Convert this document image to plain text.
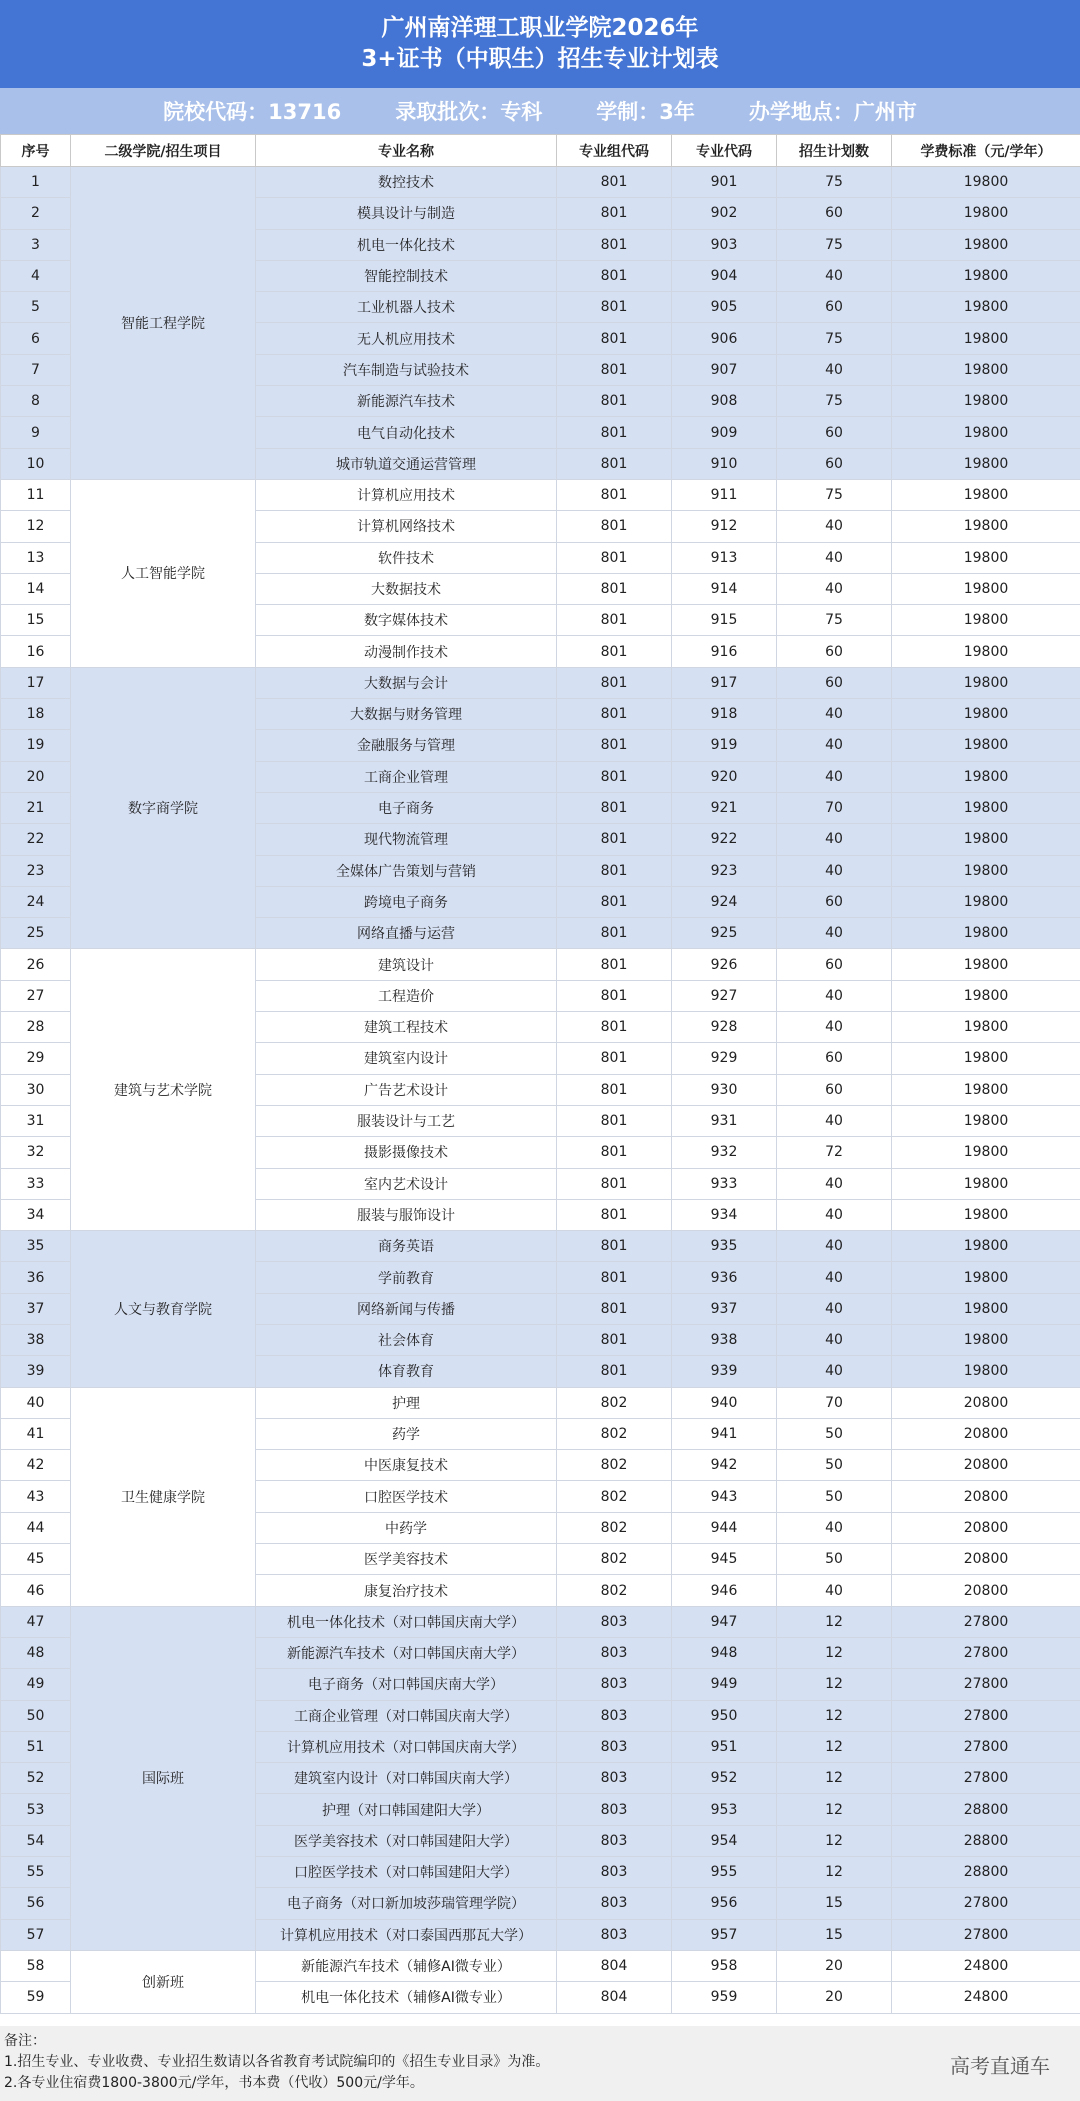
广州南洋理工职业学院2026年
3+证书（中职生）招生专业计划表
院校代码：13716	录取批次：专科	学制：3年	办学地点：广州市
序号	二级学院/招生项目	专业名称	专业组代码	专业代码	招生计划数	学费标准（元/学年）
1	智能工程学院	数控技术	801	901	75	19800
2		模具设计与制造	801	902	60	19800
3		机电一体化技术	801	903	75	19800
4		智能控制技术	801	904	40	19800
5		工业机器人技术	801	905	60	19800
6		无人机应用技术	801	906	75	19800
7		汽车制造与试验技术	801	907	40	19800
8		新能源汽车技术	801	908	75	19800
9		电气自动化技术	801	909	60	19800
10		城市轨道交通运营管理	801	910	60	19800
11	人工智能学院	计算机应用技术	801	911	75	19800
12		计算机网络技术	801	912	40	19800
13		软件技术	801	913	40	19800
14		大数据技术	801	914	40	19800
15		数字媒体技术	801	915	75	19800
16		动漫制作技术	801	916	60	19800
17	数字商学院	大数据与会计	801	917	60	19800
18		大数据与财务管理	801	918	40	19800
19		金融服务与管理	801	919	40	19800
20		工商企业管理	801	920	40	19800
21		电子商务	801	921	70	19800
22		现代物流管理	801	922	40	19800
23		全媒体广告策划与营销	801	923	40	19800
24		跨境电子商务	801	924	60	19800
25		网络直播与运营	801	925	40	19800
26	建筑与艺术学院	建筑设计	801	926	60	19800
27		工程造价	801	927	40	19800
28		建筑工程技术	801	928	40	19800
29		建筑室内设计	801	929	60	19800
30		广告艺术设计	801	930	60	19800
31		服装设计与工艺	801	931	40	19800
32		摄影摄像技术	801	932	72	19800
33		室内艺术设计	801	933	40	19800
34		服装与服饰设计	801	934	40	19800
35	人文与教育学院	商务英语	801	935	40	19800
36		学前教育	801	936	40	19800
37		网络新闻与传播	801	937	40	19800
38		社会体育	801	938	40	19800
39		体育教育	801	939	40	19800
40	卫生健康学院	护理	802	940	70	20800
41		药学	802	941	50	20800
42		中医康复技术	802	942	50	20800
43		口腔医学技术	802	943	50	20800
44		中药学	802	944	40	20800
45		医学美容技术	802	945	50	20800
46		康复治疗技术	802	946	40	20800
47	国际班	机电一体化技术（对口韩国庆南大学）	803	947	12	27800
48		新能源汽车技术（对口韩国庆南大学）	803	948	12	27800
49		电子商务（对口韩国庆南大学）	803	949	12	27800
50		工商企业管理（对口韩国庆南大学）	803	950	12	27800
51		计算机应用技术（对口韩国庆南大学）	803	951	12	27800
52		建筑室内设计（对口韩国庆南大学）	803	952	12	27800
53		护理（对口韩国建阳大学）	803	953	12	28800
54		医学美容技术（对口韩国建阳大学）	803	954	12	28800
55		口腔医学技术（对口韩国建阳大学）	803	955	12	28800
56		电子商务（对口新加坡莎瑞管理学院）	803	956	15	27800
57		计算机应用技术（对口泰国西那瓦大学）	803	957	15	27800
58	创新班	新能源汽车技术（辅修AI微专业）	804	958	20	24800
59		机电一体化技术（辅修AI微专业）	804	959	20	24800
备注：
1.招生专业、专业收费、专业招生数请以各省教育考试院编印的《招生专业目录》为准。
2.各专业住宿费1800-3800元/学年，书本费（代收）500元/学年。
高考直通车
